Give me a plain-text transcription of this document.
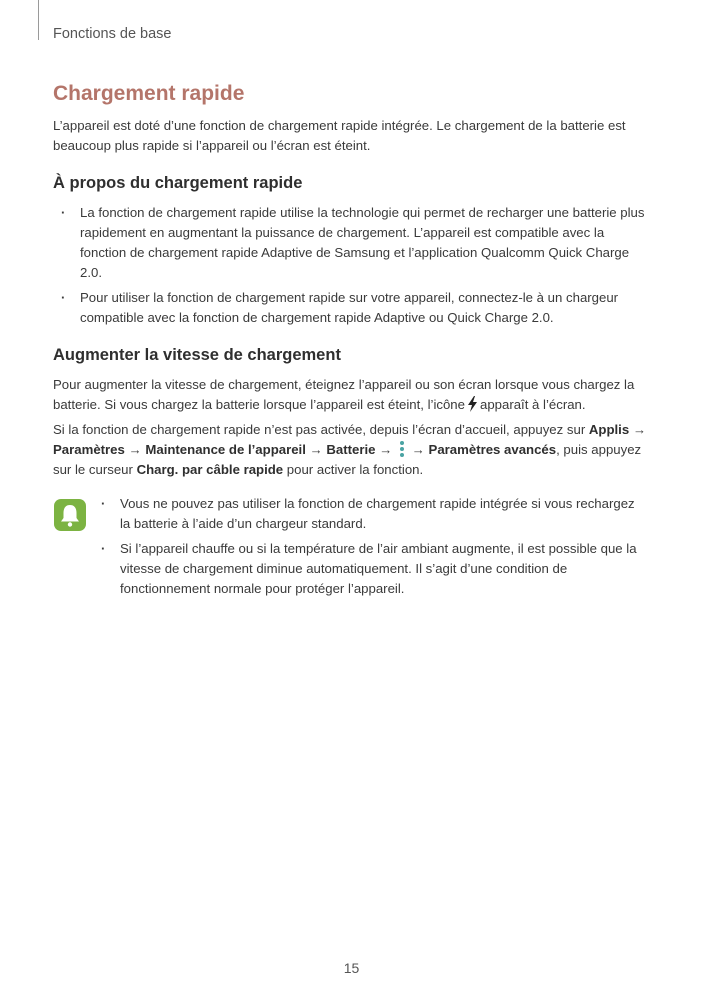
Fonctions de base
Chargement rapide

L’appareil est doté d’une fonction de chargement rapide intégrée. Le chargement de la batterie est beaucoup plus rapide si l’appareil ou l’écran est éteint.

À propos du chargement rapide
· La fonction de chargement rapide utilise la technologie qui permet de recharger une batterie plus rapidement en augmentant la puissance de chargement. L’appareil est compatible avec la fonction de chargement rapide Adaptive de Samsung et l’application Qualcomm Quick Charge 2.0.
· Pour utiliser la fonction de chargement rapide sur votre appareil, connectez-le à un chargeur compatible avec la fonction de chargement rapide Adaptive ou Quick Charge 2.0.
Augmenter la vitesse de chargement

Pour augmenter la vitesse de chargement, éteignez l’appareil ou son écran lorsque vous chargez la batterie. Si vous chargez la batterie lorsque l’appareil est éteint, l’icône apparaît à l’écran.

Si la fonction de chargement rapide n’est pas activée, depuis l’écran d’accueil, appuyez sur Applis → Paramètres → Maintenance de l’appareil → Batterie →  → Paramètres avancés, puis appuyez sur le curseur Charg. par câble rapide pour activer la fonction.

· Vous ne pouvez pas utiliser la fonction de chargement rapide intégrée si vous rechargez la batterie à l’aide d’un chargeur standard.
· Si l’appareil chauffe ou si la température de l’air ambiant augmente, il est possible que la vitesse de chargement diminue automatiquement. Il s’agit d’une condition de fonctionnement normale pour protéger l’appareil.
15
